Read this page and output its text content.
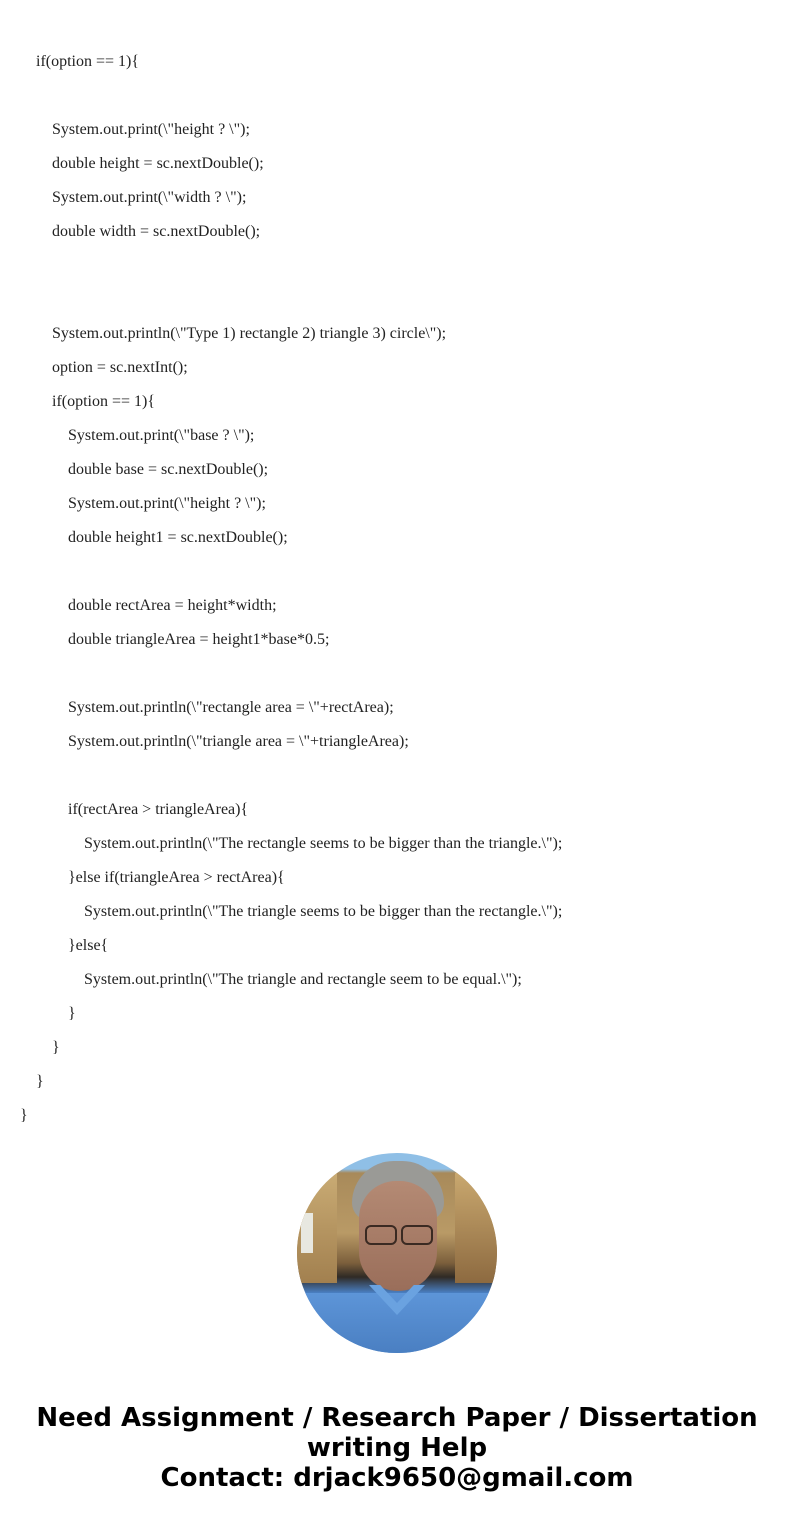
if(option == 1){
System.out.print(\"height ? \");
double height = sc.nextDouble();
System.out.print(\"width ? \");
double width = sc.nextDouble();
System.out.println(\"Type 1) rectangle 2) triangle 3) circle\");
option = sc.nextInt();
if(option == 1){
System.out.print(\"base ? \");
double base = sc.nextDouble();
System.out.print(\"height ? \");
double height1 = sc.nextDouble();
double rectArea = height*width;
double triangleArea = height1*base*0.5;
System.out.println(\"rectangle area = \"+rectArea);
System.out.println(\"triangle area = \"+triangleArea);
if(rectArea > triangleArea){
System.out.println(\"The rectangle seems to be bigger than the triangle.\");
}else if(triangleArea > rectArea){
System.out.println(\"The triangle seems to be bigger than the rectangle.\");
}else{
System.out.println(\"The triangle and rectangle seem to be equal.\");
}
}
}
}
Need Assignment / Research Paper / Dissertation
writing Help
Contact: drjack9650@gmail.com
